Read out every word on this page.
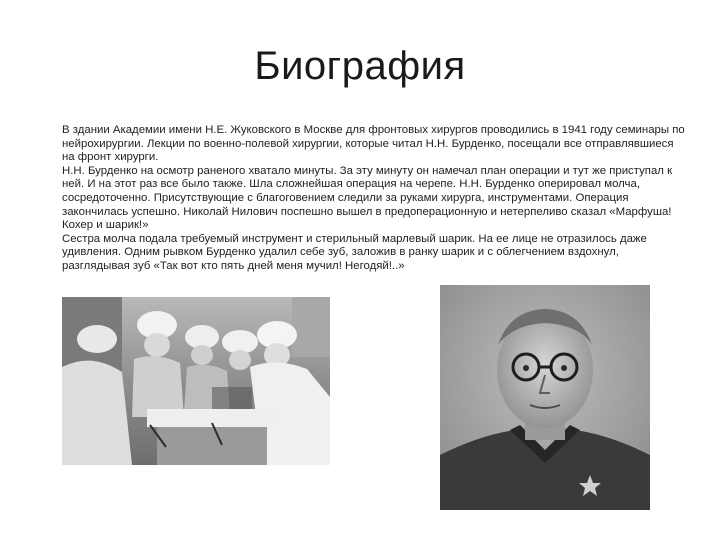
Биография

В здании Академии имени Н.Е. Жуковского в Москве для фронтовых хирургов проводились в 1941 году семинары по нейрохирургии. Лекции по военно-полевой хирургии, которые читал Н.Н. Бурденко, посещали все отправлявшиеся на фронт хирурги.

Н.Н. Бурденко на осмотр раненого хватало минуты. За эту минуту он намечал план операции и тут же приступал к ней. И на этот раз все было также. Шла сложнейшая операция на черепе. Н.Н. Бурденко оперировал молча, сосредоточенно. Присутствующие с благоговением следили за руками хирурга, инструментами. Операция закончилась успешно. Николай Нилович поспешно вышел в предоперационную и нетерпеливо сказал «Марфуша! Кохер и шарик!»

Сестра молча подала требуемый инструмент и стерильный марлевый шарик. На ее лице не отразилось даже удивления. Одним рывком Бурденко удалил себе зуб, заложив в ранку шарик и с облегчением вздохнул, разглядывая зуб «Так вот кто пять дней меня мучил! Негодяй!..»
